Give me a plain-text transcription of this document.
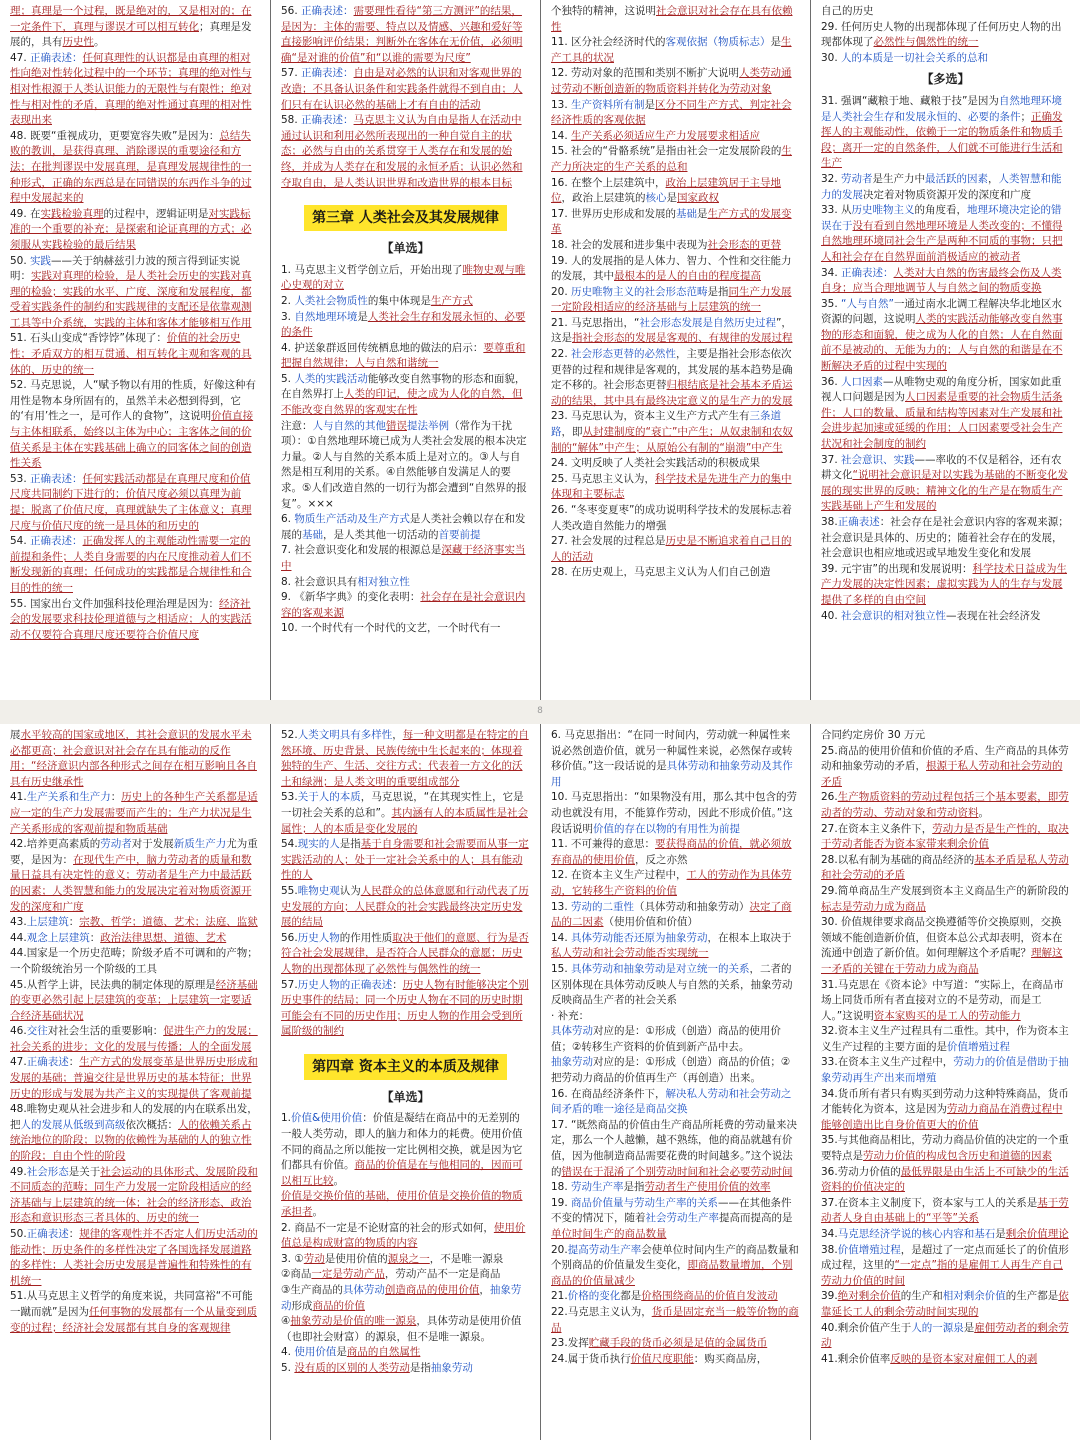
理；真理是一个过程，既是绝对的，又是相对的；在一定条件下，真理与谬误才可以相互转化；真理是发展的，具有历史性。

47. 正确表述：任何真理性的认识都是由真理的相对性向绝对性转化过程中的一个环节；真理的绝对性与相对性根源于人类认识能力的无限性与有限性；绝对性与相对性的矛盾，真理的绝对性通过真理的相对性表现出来

48. 既要“重视成功，更要宽容失败”是因为：总结失败的教训，是获得真理、消除谬误的重要途径和方法；在批判谬误中发展真理，是真理发展规律性的一种形式，正确的东西总是在同错误的东西作斗争的过程中发展起来的

49. 在实践检验真理的过程中，逻辑证明是对实践标准的一个重要的补充；是探索和论证真理的方式；必须服从实践检验的最后结果

50. 实践——关于纳赫兹引力波的预言得到证实说明：实践对真理的检验，是人类社会历史的实践对真理的检验；实践的水平、广度、深度和发展程度，都受着实践条件的制约和实践规律的支配还是依靠观测工具等中介系统，实践的主体和客体才能够相互作用

51. 石头山变成“香饽饽”体现了：价值的社会历史性；矛盾双方的相互贯通、相互转化主观和客观的具体的、历史的统一

52. 马克思说，人“赋予物以有用的性质，好像这种有用性是物本身所固有的，虽然羊未必想到得到，它的‘有用’性之一，是可作人的食物”，这说明价值直接与主体相联系，始终以主体为中心；主客体之间的价值关系是主体在实践基础上确立的同客体之间的创造性关系

53. 正确表述：任何实践活动都是在真理尺度和价值尺度共同制约下进行的；价值尺度必须以真理为前提；脱离了价值尺度，真理就缺失了主体意义；真理尺度与价值尺度的统一是具体的和历史的

54. 正确表述：正确发挥人的主观能动性需要一定的前提和条件；人类自身需要的内在尺度推动着人们不断发现新的真理；任何成功的实践都是合规律性和合目的性的统一

55. 国家出台文件加强科技伦理治理是因为：经济社会的发展要求科技伦理道德与之相适应；人的实践活动不仅要符合真理尺度还要符合价值尺度

56. 正确表述：需要理性看待“第三方测评”的结果，是因为：主体的需要、特点以及情感、兴趣和爱好等直接影响评价结果；判断外在客体在无价值，必须明确“是对谁的价值”和“以谁的需要为尺度”

57. 正确表述：自由是对必然的认识和对客观世界的改造；不具备认识条件和实践条件就得不到自由；人们只有在认识必然的基础上才有自由的活动

58. 正确表述：马克思主义认为自由是指人在活动中通过认识和利用必然所表现出的一种自觉自主的状态；必然与自由的关系贯穿于人类存在和发展的始终，并成为人类存在和发展的永恒矛盾；认识必然和夺取自由，是人类认识世界和改造世界的根本目标

第三章 人类社会及其发展规律
【单选】

1. 马克思主义哲学创立后，开始出现了唯物史观与唯心史观的对立

2. 人类社会物质性的集中体现是生产方式

3. 自然地理环境是人类社会生存和发展永恒的、必要的条件

4. 护送象群返回传统栖息地的做法的启示：要尊重和把握自然规律；人与自然和谐统一

5. 人类的实践活动能够改变自然事物的形态和面貌，在自然界打上人类的印记，使之成为人化的自然，但不能改变自然界的客观实在性

注意：人与自然的其他错误提法举例（常作为干扰项）：①自然地理环境已成为人类社会发展的根本决定力量。②人与自然的关系本质上是对立的。③人与自然是相互利用的关系。④自然能够自发满足人的要求。⑤人们改造自然的一切行为都会遭到“自然界的报复”。×××

6. 物质生产活动及生产方式是人类社会赖以存在和发展的基础，是人类其他一切活动的首要前提

7. 社会意识变化和发展的根源总是深藏于经济事实当中

8. 社会意识具有相对独立性

9. 《新华字典》的变化表明：社会存在是社会意识内容的客观来源

10. 一个时代有一个时代的文艺，一个时代有一

个独特的精神，这说明社会意识对社会存在具有依赖性

11. 区分社会经济时代的客观依据（物质标志）是生产工具的状况

12. 劳动对象的范围和类别不断扩大说明人类劳动通过劳动不断创造新的物质资料并转化为劳动对象

13. 生产资料所有制是区分不同生产方式、判定社会经济性质的客观依据

14. 生产关系必须适应生产力发展要求相适应

15. 社会的“骨骼系统”是指由社会一定发展阶段的生产力所决定的生产关系的总和

16. 在整个上层建筑中，政治上层建筑居于主导地位，政治上层建筑的核心是国家政权

17. 世界历史形成和发展的基础是生产方式的发展变革

18. 社会的发展和进步集中表现为社会形态的更替

19. 人的发展指的是人体力、智力、个性和交往能力的发展，其中最根本的是人的自由的程度提高

20. 历史唯物主义的社会形态范畴是指同生产力发展一定阶段相适应的经济基础与上层建筑的统一

21. 马克思指出，“社会形态发展是自然历史过程”，这是指社会形态的发展是客观的、有规律的发展过程

22. 社会形态更替的必然性，主要是指社会形态依次更替的过程和规律是客观的，其发展的基本趋势是确定不移的。社会形态更替归根结底是社会基本矛盾运动的结果，其中具有最终决定意义的是生产力的发展

23. 马克思认为，资本主义生产方式产生有三条道路，即从封建制度的“衰亡”中产生；从奴隶制和农奴制的“解体”中产生；从原始公有制的“崩溃”中产生

24. 文明反映了人类社会实践活动的积极成果

25. 马克思主义认为，科学技术是先进生产力的集中体现和主要标志

26. “冬枣变夏枣”的成功说明科学技术的发展标志着人类改造自然能力的增强

27. 社会发展的过程总是历史是不断追求着自己目的人的活动

28. 在历史观上，马克思主义认为人们自己创造

自己的历史

29. 任何历史人物的出现都体现了任何历史人物的出现都体现了必然性与偶然性的统一

30. 人的本质是一切社会关系的总和

【多选】

31. 强调“藏粮于地、藏粮于技”是因为自然地理环境是人类社会生存和发展永恒的、必要的条件；正确发挥人的主观能动性，依赖于一定的物质条件和物质手段；离开一定的自然条件，人们就不可能进行生活和生产

32. 劳动者是生产力中最活跃的因素，人类智慧和能力的发展决定着对物质资源开发的深度和广度

33. 从历史唯物主义的角度看，地理环境决定论的错误在于没有看到自然地理环境是人类改变的；不懂得自然地理环境同社会生产是两种不同质的事物；只把人和社会存在自然界面前消极适应的被动者

34. 正确表述：人类对大自然的伤害最终会伤及人类自身；应当合理地调节人与自然之间的物质变换

35. “人与自然”一通过南水北调工程解决华北地区水资源的问题，这说明人类的实践活动能够改变自然事物的形态和面貌，使之成为人化的自然；人在自然面前不是被动的、无能为力的；人与自然的和谐是在不断解决矛盾的过程中实现的

36. 人口因素—从唯物史观的角度分析，国家如此重视人口问题是因为人口因素是重要的社会物质生活条件；人口的数量、质量和结构等因素对生产发展和社会进步起加速或延缓的作用；人口因素要受社会生产状况和社会制度的制约

37. 社会意识、实践——率收的不仅是稻谷，还有农耕文化“说明社会意识是对以实践为基础的不断变化发展的现实世界的反映；精神文化的生产是在物质生产实践基础上产生和发展的

38.正确表述：社会存在是社会意识内容的客观来源；社会意识是具体的、历史的；随着社会存在的发展，社会意识也相应地或迟或早地发生变化和发展

39. 元宇宙”的出现和发展说明：科学技术日益成为生产力发展的决定性因素；虚拟实践为人的生存与发展提供了多样的自由空间

40. 社会意识的相对独立性—表现在社会经济发

8

展水平较高的国家或地区，其社会意识的发展水平未必都更高；社会意识对社会存在具有能动的反作用；“经济意识内部各种形式之间存在相互影响且各自具有历史继承性

41.生产关系和生产力：历史上的各种生产关系都是适应一定的生产力发展需要而产生的；生产力状况是生产关系形成的客观前提和物质基础

42.培养更高素质的劳动者对于发展新质生产力尤为重要，是因为：在现代生产中，脑力劳动者的质量和数量日益具有决定性的意义；劳动者是生产力中最活跃的因素；人类智慧和能力的发展决定着对物质资源开发的深度和广度

43.上层建筑：宗教、哲学；道德、艺术；法庭、监狱

44.观念上层建筑：政治法律思想、道德、艺术

44.国家是一个历史范畴；阶级矛盾不可调和的产物；一个阶级统治另一个阶级的工具

45.从哲学上讲，民法典的制定体现的原理是经济基础的变更必然引起上层建筑的变革；上层建筑一定要适合经济基础状况

46.交往对社会生活的重要影响：促进生产力的发展；社会关系的进步；文化的发展与传播；人的全面发展

47.正确表述：生产方式的发展变革是世界历史形成和发展的基础；普遍交往是世界历史的基本特征；世界历史的形成与发展为共产主义的实现提供了客观前提

48.唯物史观从社会进步和人的发展的内在联系出发，把人的发展从低级到高级依次概括：人的依赖关系占统治地位的阶段；以物的依赖性为基础的人的独立性的阶段；自由个性的阶段

49.社会形态是关于社会运动的具体形式、发展阶段和不同质态的范畴；同生产力发展一定阶段相适应的经济基础与上层建筑的统一体；社会的经济形态、政治形态和意识形态三者具体的、历史的统一

50.正确表述：规律的客观性并不否定人们历史活动的能动性；历史条件的多样性决定了各国选择发展道路的多样性；人类社会历史发展是普遍性和特殊性的有机统一

51.从马克思主义哲学的角度来说，共同富裕“不可能一蹴而就”是因为任何事物的发展都有一个从量变到质变的过程；经济社会发展都有其自身的客观规律

52.人类文明具有多样性，每一种文明都是在特定的自然环境、历史背景、民族传统中生长起来的；体现着独特的生产、生活、交往方式；代表着一方文化的沃土和绿洲；是人类文明的重要组成部分

53.关于人的本质，马克思说，“在其现实性上，它是一切社会关系的总和”。其内涵有人的本质属性是社会属性；人的本质是变化发展的

54.现实的人是指基于自身需要和社会需要而从事一定实践活动的人；处于一定社会关系中的人；具有能动性的人

55.唯物史观认为人民群众的总体意愿和行动代表了历史发展的方向；人民群众的社会实践最终决定历史发展的结局

56.历史人物的作用性质取决于他们的意愿、行为是否符合社会发展规律，是否符合人民群众的意愿；历史人物的出现都体现了必然性与偶然性的统一

57.历史人物的正确表述：历史人物有时能够决定个别历史事件的结局；同一个历史人物在不同的历史时期可能会有不同的历史作用；历史人物的作用会受到所属阶级的制约

第四章 资本主义的本质及规律
【单选】

1.价值&使用价值：价值是凝结在商品中的无差别的一般人类劳动，即人的脑力和体力的耗费。使用价值不同的商品之所以能按一定比例相交换，就是因为它们都具有价值。商品的价值是在与他相同的，因而可以相互比较。

价值是交换价值的基础，使用价值是交换价值的物质承担者。

2. 商品不一定是不论财富的社会的形式如何，使用价值总是构成财富的物质的内容

3. ①劳动是使用价值的源泉之一，不是唯一源泉

②商品一定是劳动产品，劳动产品不一定是商品

③生产商品的具体劳动创造商品的使用价值，抽象劳动形成商品的价值

④抽象劳动是价值的唯一源泉，具体劳动是使用价值（也即社会财富）的源泉，但不是唯一源泉。

4. 使用价值是商品的自然属性

5. 没有质的区别的人类劳动是指抽象劳动

6. 马克思指出：“在同一时间内，劳动就一种属性来说必然创造价值，就另一种属性来说，必然保存或转移价值。”这一段话说的是具体劳动和抽象劳动及其作用

10. 马克思指出：“如果物没有用，那么其中包含的劳动也就没有用，不能算作劳动，因此不形成价值。”这段话说明价值的存在以物的有用性为前提

11. 不可兼得的意思：要获得商品的价值，就必须放弃商品的使用价值，反之亦然

12. 在资本主义生产过程中，工人的劳动作为具体劳动，它转移生产资料的价值

13. 劳动的二重性（具体劳动和抽象劳动）决定了商品的二因素（使用价值和价值）

14. 具体劳动能否还原为抽象劳动，在根本上取决于私人劳动和社会劳动能否实现统一

15. 具体劳动和抽象劳动是对立统一的关系，二者的区别体现在具体劳动反映人与自然的关系，抽象劳动反映商品生产者的社会关系

· 补充：

具体劳动对应的是：①形成（创造）商品的使用价值；②转移生产资料的价值到新产品中去。

抽象劳动对应的是：①形成（创造）商品的价值；②把劳动力商品的价值再生产（再创造）出来。

16. 在商品经济条件下，解决私人劳动和社会劳动之间矛盾的唯一途径是商品交换

17. “既然商品的价值由生产商品所耗费的劳动量来决定，那么一个人越懒，越不熟练，他的商品就越有价值，因为他制造商品需要花费的时间越多。”这个说法的错误在于混淆了个别劳动时间和社会必要劳动时间

18. 劳动生产率是指劳动者生产使用价值的效率

19. 商品价值量与劳动生产率的关系——在其他条件不变的情况下，随着社会劳动生产率提高而提高的是单位时间生产的商品数量

20.提高劳动生产率会使单位时间内生产的商品数量和个别商品的价值量发生变化，即商品数量增加，个别商品的价值量减少

21.价格的变化都是价格围绕商品的价值自发波动

22.马克思主义认为，货币是固定充当一般等价物的商品

23.发挥贮藏手段的货币必须是足值的金属货币

24.属于货币执行价值尺度职能：购买商品房，

合同约定房价 30 万元

25.商品的使用价值和价值的矛盾、生产商品的具体劳动和抽象劳动的矛盾，根源于私人劳动和社会劳动的矛盾

26.生产物质资料的劳动过程包括三个基本要素，即劳动者的劳动、劳动对象和劳动资料。

27.在资本主义条件下，劳动力是否是生产性的，取决于劳动者能否为资本家带来剩余价值

28.以私有制为基础的商品经济的基本矛盾是私人劳动和社会劳动的矛盾

29.简单商品生产发展到资本主义商品生产的新阶段的标志是劳动力成为商品

30. 价值规律要求商品交换遵循等价交换原则，交换领域不能创造新价值，但资本总公式却表明，资本在流通中创造了新价值。如何理解这个矛盾呢？理解这一矛盾的关键在于劳动力成为商品

31.马克思在《资本论》中写道：“实际上，在商品市场上同货币所有者直接对立的不是劳动，而是工人。”这说明资本家购买的是工人的劳动能力

32.资本主义生产过程具有二重性。其中，作为资本主义生产过程的主要方面的是价值增殖过程

33.在资本主义生产过程中，劳动力的价值是借助于抽象劳动再生产出来而增殖

34.货币所有者只有购买到劳动力这种特殊商品，货币才能转化为资本，这是因为劳动力商品在消费过程中能够创造出比自身价值更大的价值

35.与其他商品相比，劳动力商品价值的决定的一个重要特点是劳动力价值的构成包含历史和道德的因素

36.劳动力价值的最低界限是由生活上不可缺少的生活资料的价值决定的

37.在资本主义制度下，资本家与工人的关系是基于劳动者人身自由基础上的“平等”关系

34.马克思经济学说的核心内容和基石是剩余价值理论

38.价值增殖过程，是超过了一定点而延长了的价值形成过程，这里的“一定点”指的是雇佣工人再生产自己劳动力价值的时间

39.绝对剩余价值的生产和相对剩余价值的生产都是依靠延长工人的剩余劳动时间实现的

40.剩余价值产生于人的一源泉是雇佣劳动者的剩余劳动

41.剩余价值率反映的是资本家对雇佣工人的剥
